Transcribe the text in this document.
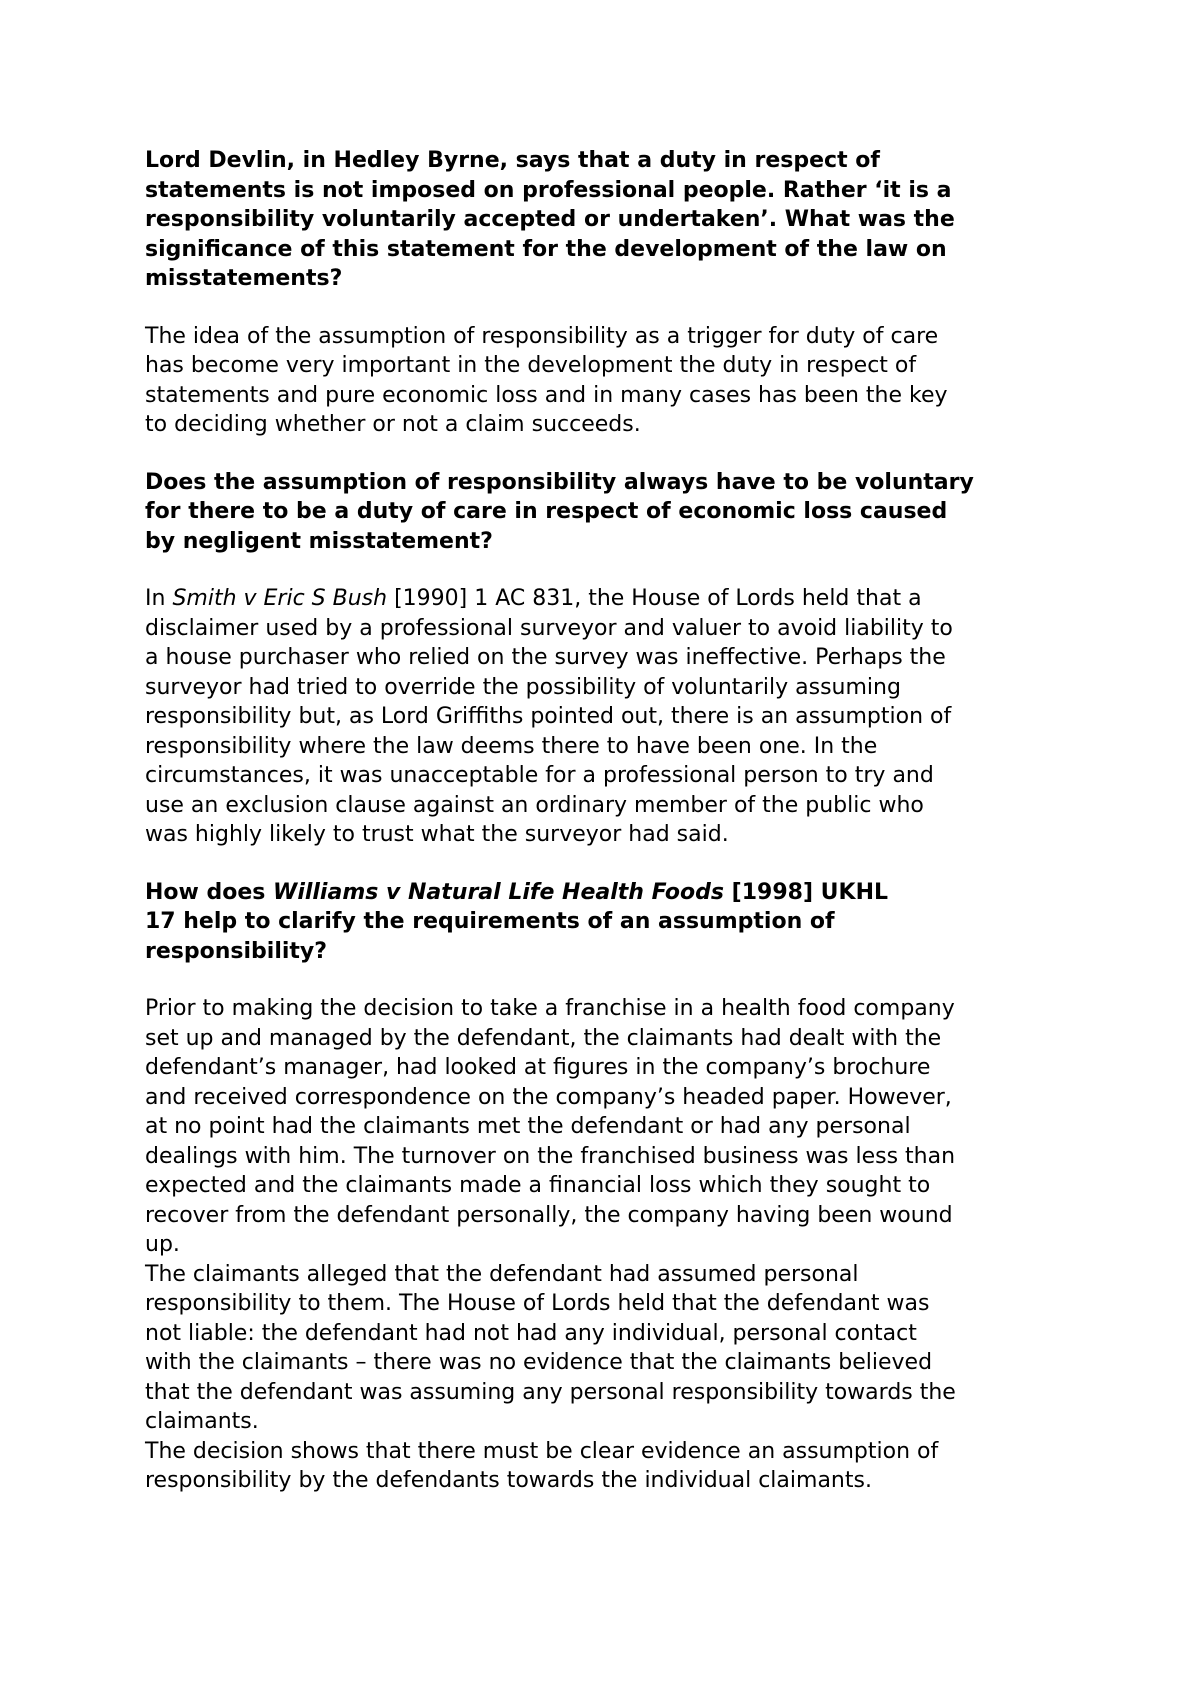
Lord Devlin, in Hedley Byrne, says that a duty in respect of
statements is not imposed on professional people. Rather ‘it is a
responsibility voluntarily accepted or undertaken’. What was the
significance of this statement for the development of the law on
misstatements?
The idea of the assumption of responsibility as a trigger for duty of care
has become very important in the development the duty in respect of
statements and pure economic loss and in many cases has been the key
to deciding whether or not a claim succeeds.
Does the assumption of responsibility always have to be voluntary
for there to be a duty of care in respect of economic loss caused
by negligent misstatement?
In Smith v Eric S Bush [1990] 1 AC 831, the House of Lords held that a
disclaimer used by a professional surveyor and valuer to avoid liability to
a house purchaser who relied on the survey was ineffective. Perhaps the
surveyor had tried to override the possibility of voluntarily assuming
responsibility but, as Lord Griffiths pointed out, there is an assumption of
responsibility where the law deems there to have been one. In the
circumstances, it was unacceptable for a professional person to try and
use an exclusion clause against an ordinary member of the public who
was highly likely to trust what the surveyor had said.
How does Williams v Natural Life Health Foods [1998] UKHL
17 help to clarify the requirements of an assumption of
responsibility?
Prior to making the decision to take a franchise in a health food company
set up and managed by the defendant, the claimants had dealt with the
defendant’s manager, had looked at figures in the company’s brochure
and received correspondence on the company’s headed paper. However,
at no point had the claimants met the defendant or had any personal
dealings with him. The turnover on the franchised business was less than
expected and the claimants made a financial loss which they sought to
recover from the defendant personally, the company having been wound
up.
The claimants alleged that the defendant had assumed personal
responsibility to them. The House of Lords held that the defendant was
not liable: the defendant had not had any individual, personal contact
with the claimants – there was no evidence that the claimants believed
that the defendant was assuming any personal responsibility towards the
claimants.
The decision shows that there must be clear evidence an assumption of
responsibility by the defendants towards the individual claimants.
